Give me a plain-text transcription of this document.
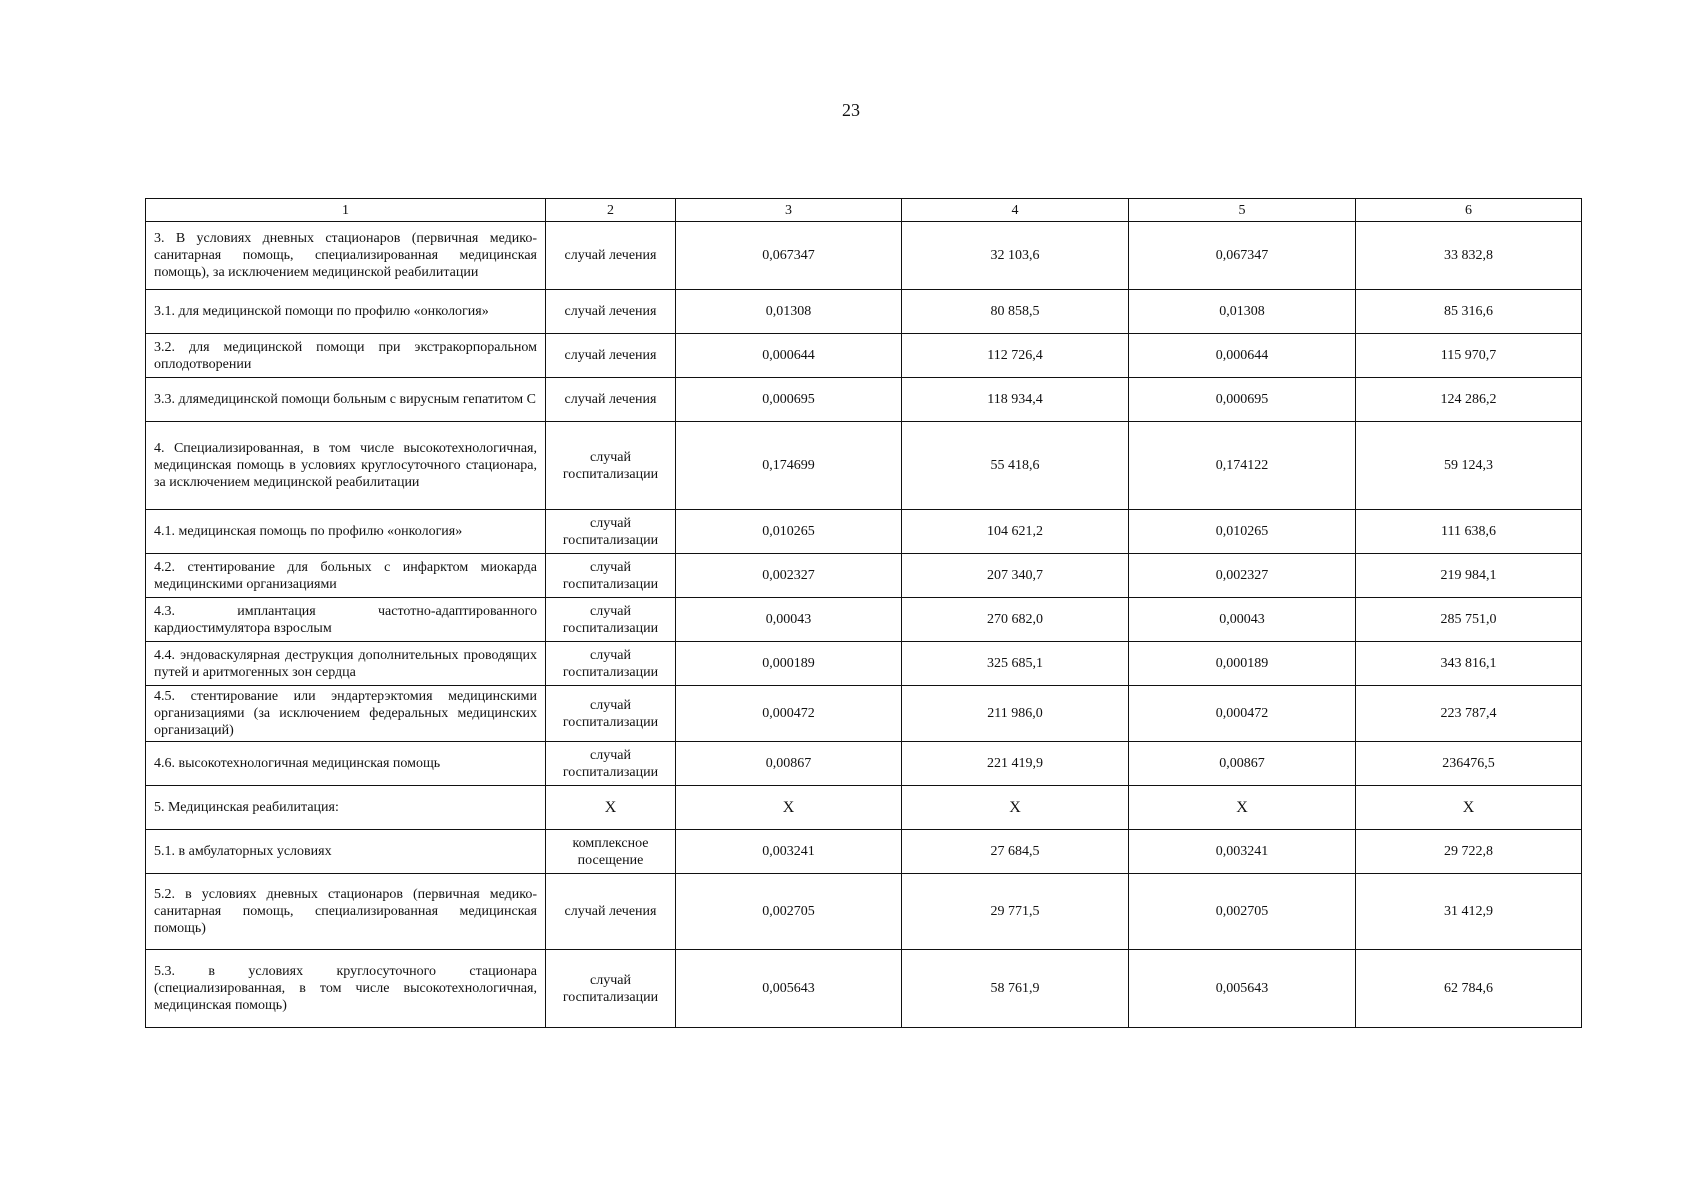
23
1	2	3	4	5	6
3. В условиях дневных стационаров (первичная медико-санитарная помощь, специализированная медицинская помощь), за исключением медицинской реабилитации	случай лечения	0,067347	32 103,6	0,067347	33 832,8
3.1. для медицинской помощи по профилю «онкология»	случай лечения	0,01308	80 858,5	0,01308	85 316,6
3.2. для медицинской помощи при экстракорпоральном оплодотворении	случай лечения	0,000644	112 726,4	0,000644	115 970,7
3.3. длямедицинской помощи больным с вирусным гепатитом С	случай лечения	0,000695	118 934,4	0,000695	124 286,2
4. Специализированная, в том числе высокотехнологичная, медицинская помощь в условиях круглосуточного стационара, за исключением медицинской реабилитации	случай госпитализации	0,174699	55 418,6	0,174122	59 124,3
4.1. медицинская помощь по профилю «онкология»	случай госпитализации	0,010265	104 621,2	0,010265	111 638,6
4.2. стентирование для больных с инфарктом миокарда медицинскими организациями	случай госпитализации	0,002327	207 340,7	0,002327	219 984,1
4.3. имплантация частотно-адаптированного кардиостимулятора взрослым	случай госпитализации	0,00043	270 682,0	0,00043	285 751,0
4.4. эндоваскулярная деструкция дополнительных проводящих путей и аритмогенных зон сердца	случай госпитализации	0,000189	325 685,1	0,000189	343 816,1
4.5. стентирование или эндартерэктомия медицинскими организациями (за исключением федеральных медицинских организаций)	случай госпитализации	0,000472	211 986,0	0,000472	223 787,4
4.6. высокотехнологичная медицинская помощь	случай госпитализации	0,00867	221 419,9	0,00867	236476,5
5. Медицинская реабилитация:	Х	Х	Х	Х	Х
5.1. в амбулаторных условиях	комплексное посещение	0,003241	27 684,5	0,003241	29 722,8
5.2. в условиях дневных стационаров (первичная медико-санитарная помощь, специализированная медицинская помощь)	случай лечения	0,002705	29 771,5	0,002705	31 412,9
5.3. в условиях круглосуточного стационара (специализированная, в том числе высокотехнологичная, медицинская помощь)	случай госпитализации	0,005643	58 761,9	0,005643	62 784,6
